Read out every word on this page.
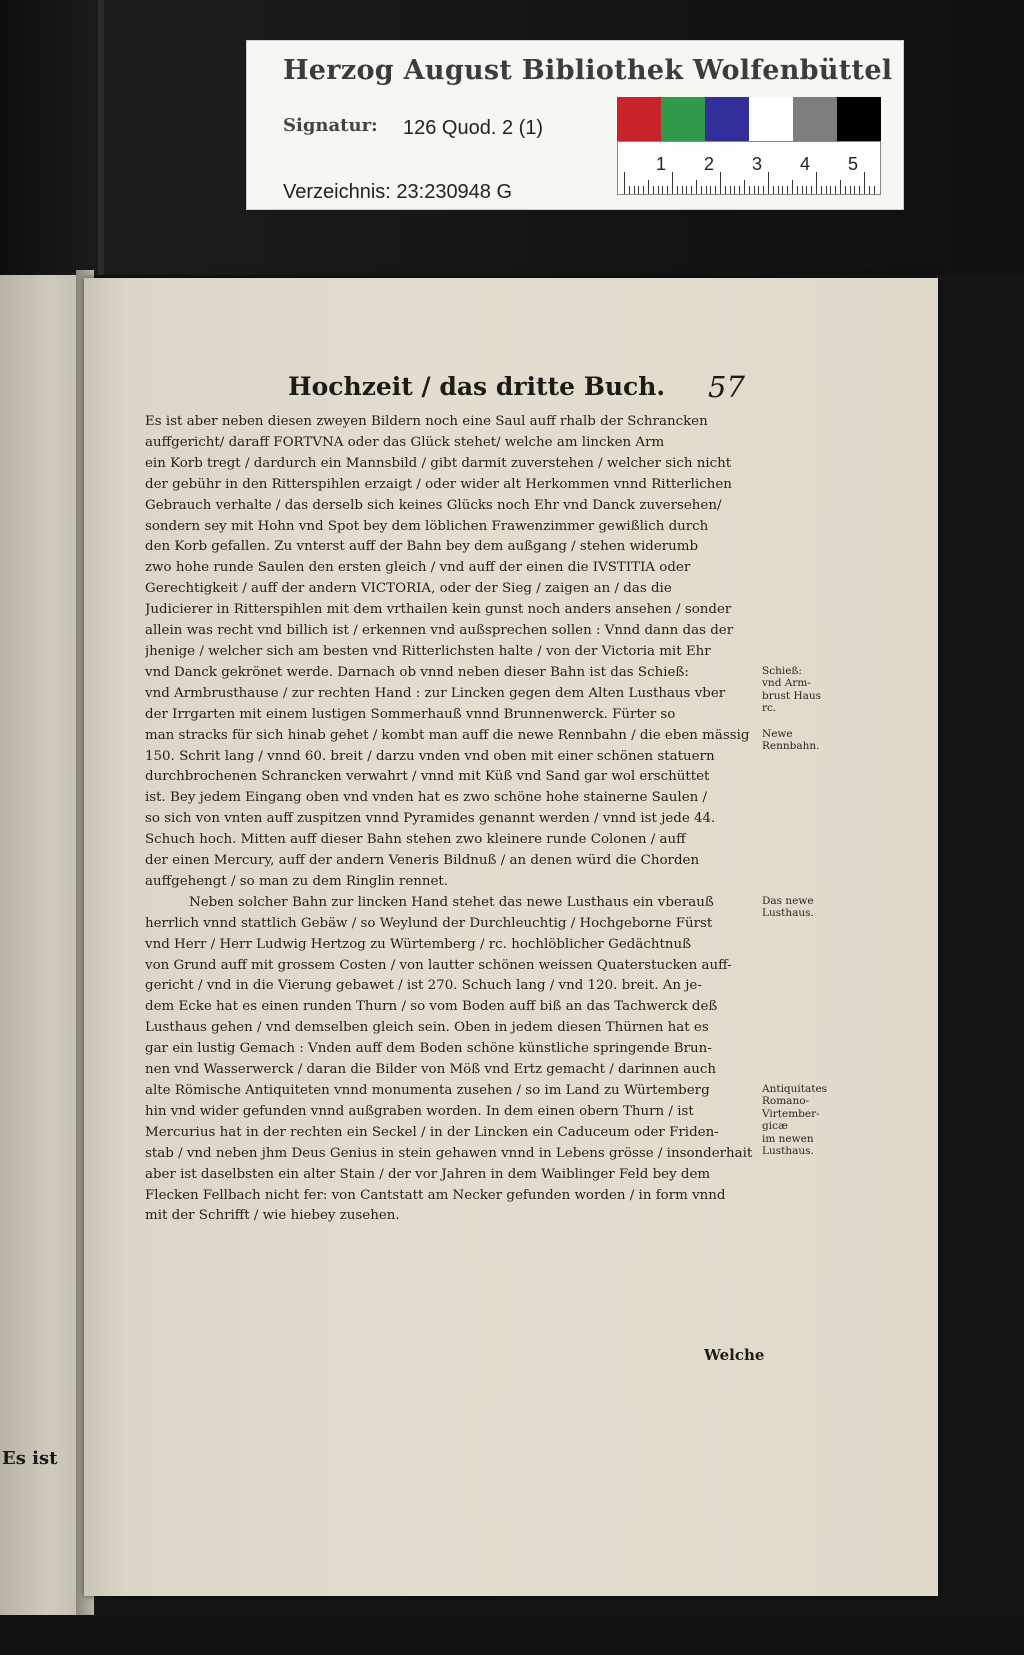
Herzog August Bibliothek Wolfenbüttel
Signatur: 126 Quod. 2 (1)
Verzeichnis: 23:230948 G
1 2 3 4 5
Es ist
Hochzeit / das dritte Buch. 57
Es ist aber neben diesen zweyen Bildern noch eine Saul auff rhalb der Schrancken
auffgericht/ daraff FORTVNA oder das Glück stehet/ welche am lincken Arm
ein Korb tregt / dardurch ein Mannsbild / gibt darmit zuverstehen / welcher sich nicht
der gebühr in den Ritterspihlen erzaigt / oder wider alt Herkommen vnnd Ritterlichen
Gebrauch verhalte / das derselb sich keines Glücks noch Ehr vnd Danck zuversehen/
sondern sey mit Hohn vnd Spot bey dem löblichen Frawenzimmer gewißlich durch
den Korb gefallen. Zu vnterst auff der Bahn bey dem außgang / stehen widerumb
zwo hohe runde Saulen den ersten gleich / vnd auff der einen die IVSTITIA oder
Gerechtigkeit / auff der andern VICTORIA, oder der Sieg / zaigen an / das die
Judicierer in Ritterspihlen mit dem vrthailen kein gunst noch anders ansehen / sonder
allein was recht vnd billich ist / erkennen vnd außsprechen sollen : Vnnd dann das der
jhenige / welcher sich am besten vnd Ritterlichsten halte / von der Victoria mit Ehr
vnd Danck gekrönet werde. Darnach ob vnnd neben dieser Bahn ist das Schieß:
vnd Armbrusthause / zur rechten Hand : zur Lincken gegen dem Alten Lusthaus vber
der Irrgarten mit einem lustigen Sommerhauß vnnd Brunnenwerck. Fürter so
man stracks für sich hinab gehet / kombt man auff die newe Rennbahn / die eben mässig
150. Schrit lang / vnnd 60. breit / darzu vnden vnd oben mit einer schönen statuern
durchbrochenen Schrancken verwahrt / vnnd mit Küß vnd Sand gar wol erschüttet
ist. Bey jedem Eingang oben vnd vnden hat es zwo schöne hohe stainerne Saulen /
so sich von vnten auff zuspitzen vnnd Pyramides genannt werden / vnnd ist jede 44.
Schuch hoch. Mitten auff dieser Bahn stehen zwo kleinere runde Colonen / auff
der einen Mercury, auff der andern Veneris Bildnuß / an denen würd die Chorden
auffgehengt / so man zu dem Ringlin rennet.
Neben solcher Bahn zur lincken Hand stehet das newe Lusthaus ein vberauß
herrlich vnnd stattlich Gebäw / so Weylund der Durchleuchtig / Hochgeborne Fürst
vnd Herr / Herr Ludwig Hertzog zu Würtemberg / rc. hochlöblicher Gedächtnuß
von Grund auff mit grossem Costen / von lautter schönen weissen Quaterstucken auff-
gericht / vnd in die Vierung gebawet / ist 270. Schuch lang / vnd 120. breit. An je-
dem Ecke hat es einen runden Thurn / so vom Boden auff biß an das Tachwerck deß
Lusthaus gehen / vnd demselben gleich sein. Oben in jedem diesen Thürnen hat es
gar ein lustig Gemach : Vnden auff dem Boden schöne künstliche springende Brun-
nen vnd Wasserwerck / daran die Bilder von Möß vnd Ertz gemacht / darinnen auch
alte Römische Antiquiteten vnnd monumenta zusehen / so im Land zu Würtemberg
hin vnd wider gefunden vnnd außgraben worden. In dem einen obern Thurn / ist
Mercurius hat in der rechten ein Seckel / in der Lincken ein Caduceum oder Friden-
stab / vnd neben jhm Deus Genius in stein gehawen vnnd in Lebens grösse / insonderhait
aber ist daselbsten ein alter Stain / der vor Jahren in dem Waiblinger Feld bey dem
Flecken Fellbach nicht fer: von Cantstatt am Necker gefunden worden / in form vnnd
mit der Schrifft / wie hiebey zusehen.
Schieß:
vnd Arm-
brust Haus
rc.
Newe
Rennbahn.
Das newe
Lusthaus.
Antiquitates
Romano-
Virtember-
gicæ
im newen
Lusthaus.
Welche
